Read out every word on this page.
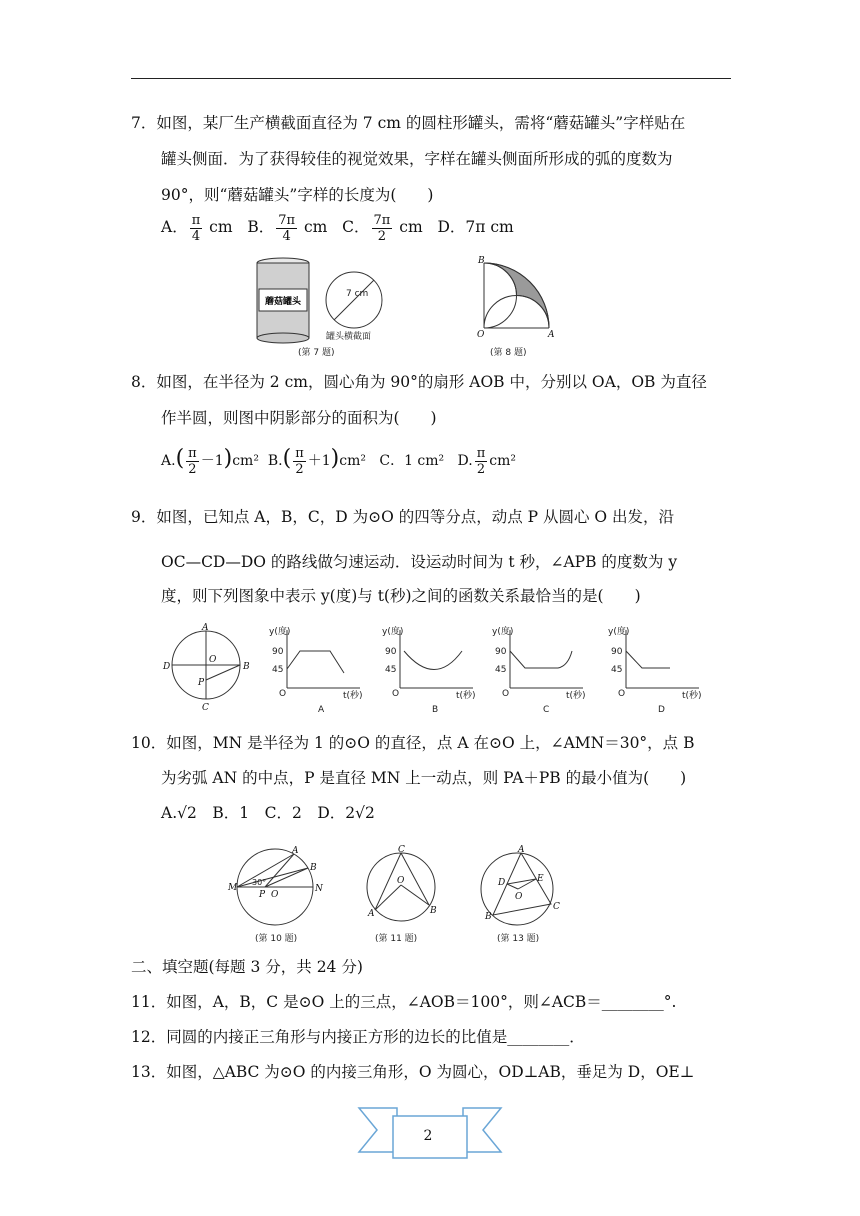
7．如图，某厂生产横截面直径为 7 cm 的圆柱形罐头，需将“蘑菇罐头”字样贴在
罐头侧面．为了获得较佳的视觉效果，字样在罐头侧面所形成的弧的度数为
90°，则“蘑菇罐头”字样的长度为(　　)
A． $\frac{\pi}{4}$ cm B． $\frac{7\pi}{4}$ cm C． $\frac{7\pi}{2}$ cm D．7π cm
蘑菇罐头
7 cm
罐头横截面
(第 7 题)
B
O	A
(第 8 题)
8．如图，在半径为 2 cm，圆心角为 90°的扇形 AOB 中，分别以 OA，OB 为直径
作半圆，则图中阴影部分的面积为(　　)
$A.( \frac{\pi}{2} -1)cm^2$ $B.( \frac{\pi}{2} +1)cm^2$ C．1 cm² D. $\frac{\pi}{2} cm^2$
9．如图，已知点 A，B，C，D 为⊙O 的四等分点，动点 P 从圆心 O 出发，沿
OC—CD—DO 的路线做匀速运动．设运动时间为 t 秒，∠APB 的度数为 y
度，则下列图象中表示 y(度)与 t(秒)之间的函数关系最恰当的是(　　)
A
B
C
D
O
P
y(度)
t(秒)
90
45
O
A
y(度)
t(秒)
90
45
O
B
y(度)
t(秒)
90
45
O
C
y(度)
t(秒)
90
45
O
D
10．如图，MN 是半径为 1 的⊙O 的直径，点 A 在⊙O 上，∠AMN＝30°，点 B
为劣弧 AN 的中点，P 是直径 MN 上一动点，则 PA＋PB 的最小值为(　　)
A.√2　B．1　C．2　D．2√2
M	N
A
B
P O
30°
(第 10 题)
C
O
A	B
(第 11 题)
A
B
C
D	E
O
(第 13 题)
二、填空题(每题 3 分，共 24 分)
11．如图，A，B，C 是⊙O 上的三点，∠AOB＝100°，则∠ACB＝________°.
12．同圆的内接正三角形与内接正方形的边长的比值是________．
13．如图，△ABC 为⊙O 的内接三角形，O 为圆心，OD⊥AB，垂足为 D，OE⊥
2
